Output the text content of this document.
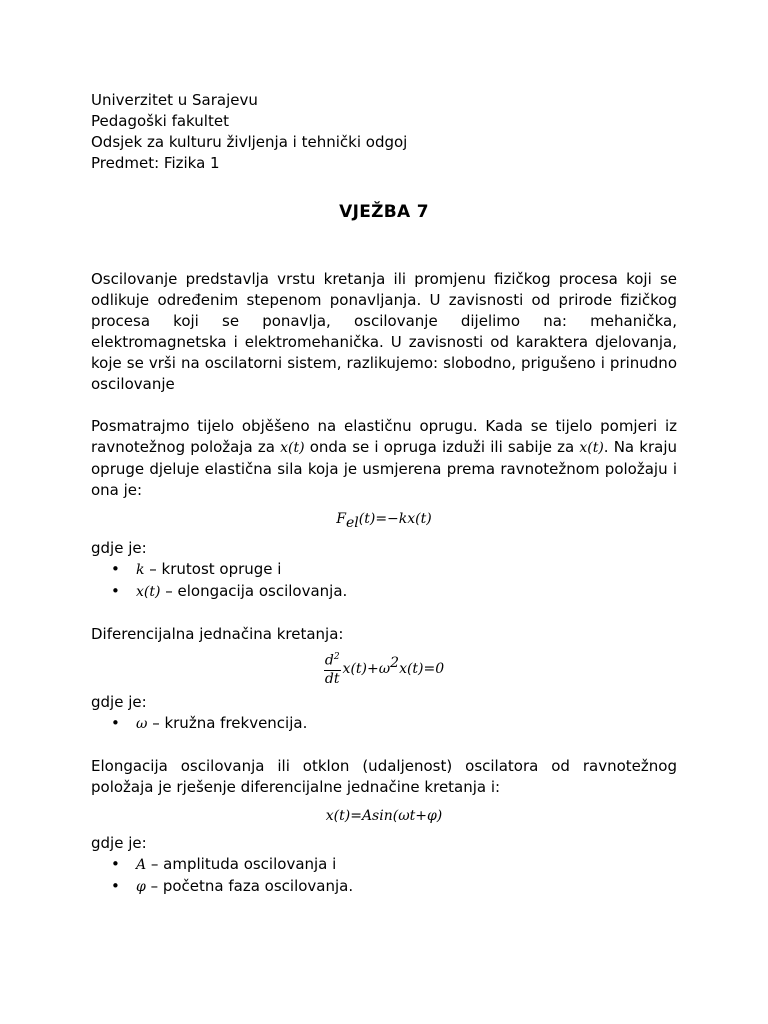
Univerzitet u Sarajevu

Pedagoški fakultet

Odsjek za kulturu življenja i tehnički odgoj

Predmet: Fizika 1

VJEŽBA 7

Oscilovanje predstavlja vrstu kretanja ili promjenu fizičkog procesa koji se odlikuje određenim stepenom ponavljanja. U zavisnosti od prirode fizičkog procesa koji se ponavlja, oscilovanje dijelimo na: mehanička, elektromagnetska i elektromehanička. U zavisnosti od karaktera djelovanja, koje se vrši na oscilatorni sistem, razlikujemo: slobodno, prigušeno i prinudno oscilovanje

Posmatrajmo tijelo objěšeno na elastičnu oprugu. Kada se tijelo pomjeri iz ravnotežnog položaja za x(t) onda se i opruga izduži ili sabije za x(t). Na kraju opruge djeluje elastična sila koja je usmjerena prema ravnotežnom položaju i ona je:

$F_{el}(t)=-kx(t)$

gdje je:

• k – krutost opruge i
• x(t) – elongacija oscilovanja.

Diferencijalna jednačina kretanja:

$\frac{d^2}{dt} x(t)+\omega^2x(t)=0$

gdje je:

• ω – kružna frekvencija.

Elongacija oscilovanja ili otklon (udaljenost) oscilatora od ravnotežnog položaja je rješenje diferencijalne jednačine kretanja i:

x(t)=Asin(ωt+φ)

gdje je:

• A – amplituda oscilovanja i
• φ – početna faza oscilovanja.
